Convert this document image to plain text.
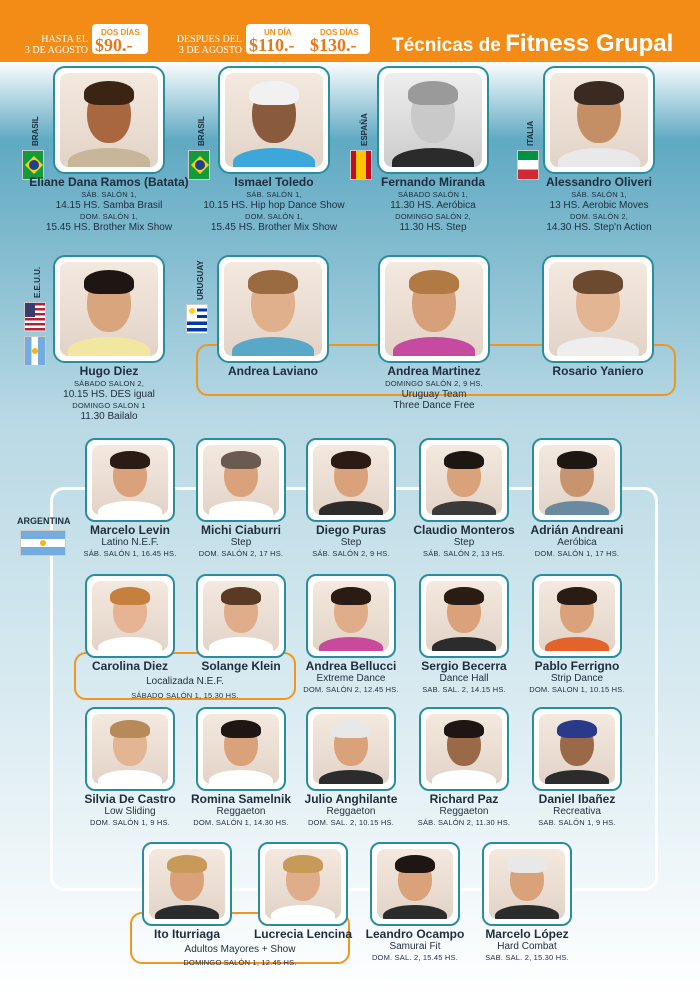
HASTA EL
3 DE AGOSTO
DOS DÍAS
$90.-	DESPUES DEL
3 DE AGOSTO
UN DÍA
$110.-
DOS DÍAS
$130.- Técnicas de Fitness Grupal
BRASIL	BRASIL	ESPAÑA	ITALIA
E.E.U.U.	URUGUAY
ARGENTINA
Eliane Dana Ramos (Batata)
SÁB. SALÓN 1,
14.15 HS. Samba Brasil
DOM. SALÓN 1,
15.45 HS. Brother Mix Show
Ismael Toledo
SÁB. SALÓN 1,
10.15 HS. Hip hop Dance Show
DOM. SALÓN 1,
15.45 HS. Brother Mix Show
Fernando Miranda
SÁBADO SALÓN 1,
11.30 HS. Aeróbica
DOMINGO SALÓN 2,
11.30 HS. Step
Alessandro Oliveri
SÁB. SALÓN 1,
13 HS. Aerobic Moves
DOM. SALÓN 2,
14.30 HS. Step'n Action
Hugo Diez
SÁBADO SALON 2,
10.15 HS. DES igual
DOMINGO SALON 1
11.30 Bailalo
Andrea Laviano	Andrea Martinez
DOMINGO SALÓN 2, 9 HS.
Uruguay Team
Three Dance Free
Rosario Yaniero
Marcelo Levin
Latino N.E.F.
SÁB. SALÓN 1, 16.45 HS.
Michi Ciaburri
Step
DOM. SALÓN 2, 17 HS.
Diego Puras
Step
SÁB. SALÓN 2, 9 HS.
Claudio Monteros
Step
SÁB. SALÓN 2, 13 HS.
Adrián Andreani
Aeróbica
DOM. SALÓN 1, 17 HS.
Carolina Diez	Solange Klein
Localizada N.E.F.
SÁBADO SALÓN 1, 15.30 HS.
Andrea Bellucci
Extreme Dance
DOM. SALÓN 2, 12.45 HS.
Sergio Becerra
Dance Hall
SAB. SAL. 2, 14.15 HS.
Pablo Ferrigno
Strip Dance
DOM. SALON 1, 10.15 HS.
Silvia De Castro
Low Sliding
DOM. SALÓN 1, 9 HS.
Romina Samelnik
Reggaeton
DOM. SALÓN 1, 14.30 HS.
Julio Anghilante
Reggaeton
DOM. SAL. 2, 10.15 HS.
Richard Paz
Reggaeton
SÁB. SALÓN 2, 11.30 HS.
Daniel Ibañez
Recreativa
SAB. SALÓN 1, 9 HS.
Ito Iturriaga	Lucrecia Lencina
Adultos Mayores + Show
DOMINGO SALÓN 1, 12.45 HS.
Leandro Ocampo
Samurai Fit
DOM. SAL. 2, 15.45 HS.
Marcelo López
Hard Combat
SAB. SAL. 2, 15.30 HS.
